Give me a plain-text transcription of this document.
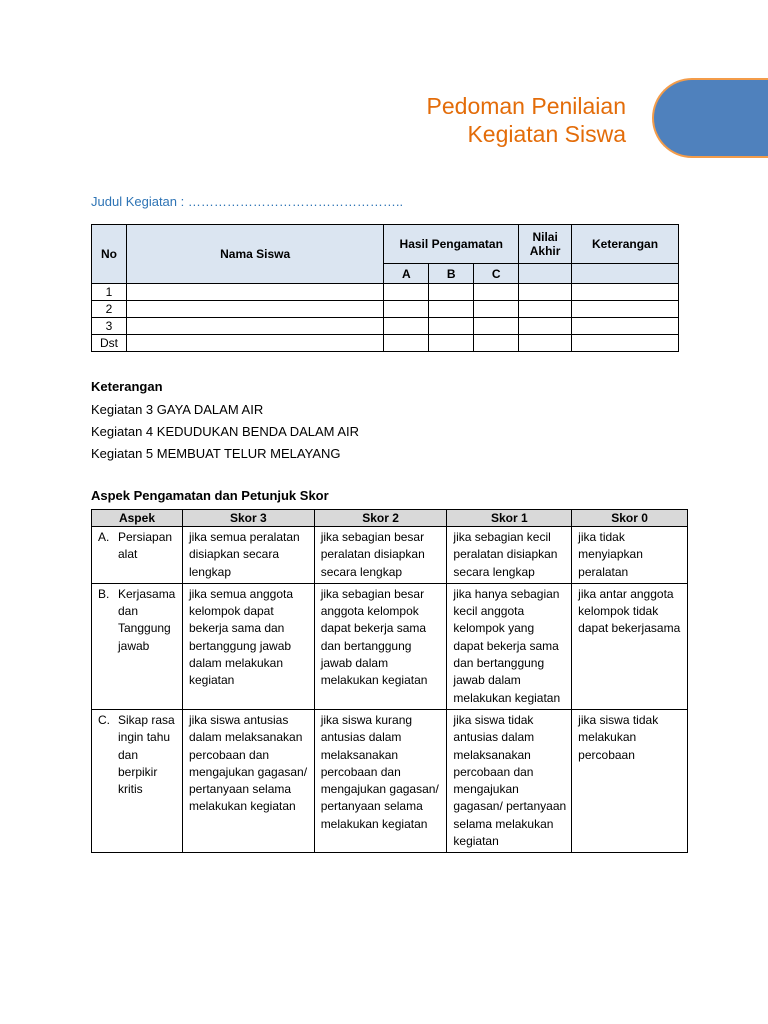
Pedoman Penilaian
Kegiatan Siswa
Judul Kegiatan : …………………………………………..
No	Nama Siswa	Hasil Pengamatan			Nilai Akhir	Keterangan
		A	B	C		
1						
2						
3						
Dst						
Keterangan
Kegiatan 3 GAYA DALAM AIR
Kegiatan 4 KEDUDUKAN BENDA DALAM AIR
Kegiatan 5 MEMBUAT TELUR MELAYANG
Aspek Pengamatan dan Petunjuk Skor
Aspek	Skor 3	Skor 2	Skor 1	Skor 0

A. Persiapan alat	jika semua peralatan disiapkan secara lengkap	jika sebagian besar peralatan disiapkan secara lengkap	jika sebagian kecil peralatan disiapkan secara lengkap	jika tidak menyiapkan peralatan

B. Kerjasama dan Tanggung jawab	jika semua anggota kelompok dapat bekerja sama dan bertanggung jawab dalam melakukan kegiatan	jika sebagian besar anggota kelompok dapat bekerja sama dan bertanggung jawab dalam melakukan kegiatan	jika hanya sebagian kecil anggota kelompok yang dapat bekerja sama dan bertanggung jawab dalam melakukan kegiatan	jika antar anggota kelompok tidak dapat bekerjasama

C. Sikap rasa ingin tahu dan berpikir kritis	jika siswa antusias dalam melaksanakan percobaan dan mengajukan gagasan/ pertanyaan selama melakukan kegiatan	jika siswa kurang antusias dalam melaksanakan percobaan dan mengajukan gagasan/ pertanyaan selama melakukan kegiatan	jika siswa tidak antusias dalam melaksanakan percobaan dan mengajukan gagasan/ pertanyaan selama melakukan kegiatan	jika siswa tidak melakukan percobaan
